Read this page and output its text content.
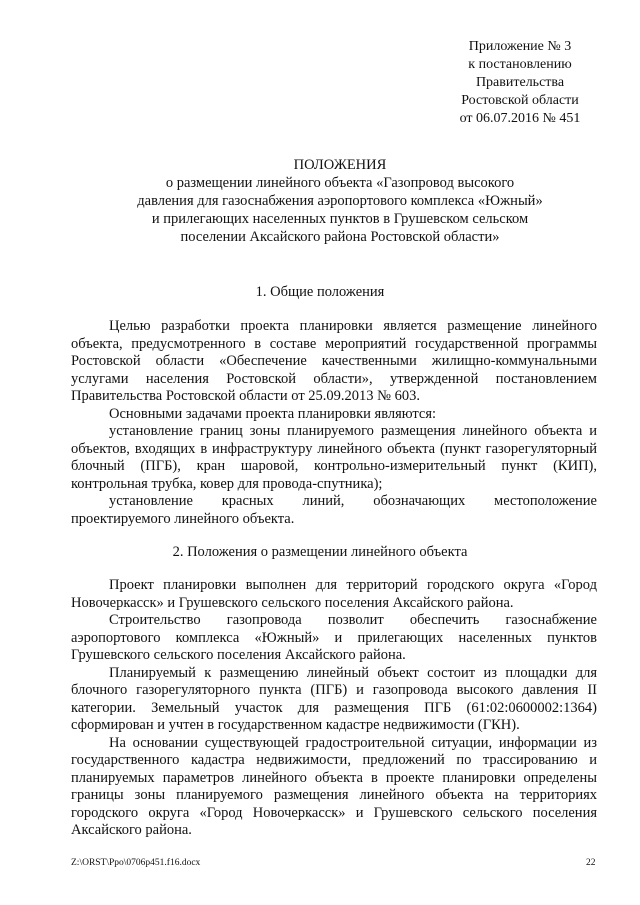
Приложение № 3
к постановлению
Правительства
Ростовской области
от 06.07.2016 № 451
ПОЛОЖЕНИЯ
о размещении линейного объекта «Газопровод высокого
давления для газоснабжения аэропортового комплекса «Южный»
и прилегающих населенных пунктов в Грушевском сельском
поселении Аксайского района Ростовской области»
1. Общие положения

Целью разработки проекта планировки является размещение линейного объекта, предусмотренного в составе мероприятий государственной программы Ростовской области «Обеспечение качественными жилищно-коммунальными услугами населения Ростовской области», утвержденной постановлением Правительства Ростовской области от 25.09.2013 № 603.

Основными задачами проекта планировки являются:

установление границ зоны планируемого размещения линейного объекта и объектов, входящих в инфраструктуру линейного объекта (пункт газорегуляторный блочный (ПГБ), кран шаровой, контрольно-измерительный пункт (КИП), контрольная трубка, ковер для провода-спутника);

установление красных линий, обозначающих местоположение проектируемого линейного объекта.

2. Положения о размещении линейного объекта

Проект планировки выполнен для территорий городского округа «Город Новочеркасск» и Грушевского сельского поселения Аксайского района.

Строительство газопровода позволит обеспечить газоснабжение аэропортового комплекса «Южный» и прилегающих населенных пунктов Грушевского сельского поселения Аксайского района.

Планируемый к размещению линейный объект состоит из площадки для блочного газорегуляторного пункта (ПГБ) и газопровода высокого давления II категории. Земельный участок для размещения ПГБ (61:02:0600002:1364) сформирован и учтен в государственном кадастре недвижимости (ГКН).

На основании существующей градостроительной ситуации, информации из государственного кадастра недвижимости, предложений по трассированию и планируемых параметров линейного объекта в проекте планировки определены границы зоны планируемого размещения линейного объекта на территориях городского округа «Город Новочеркасск» и Грушевского сельского поселения Аксайского района.

Z:\ORST\Ppo\0706p451.f16.docx	22
